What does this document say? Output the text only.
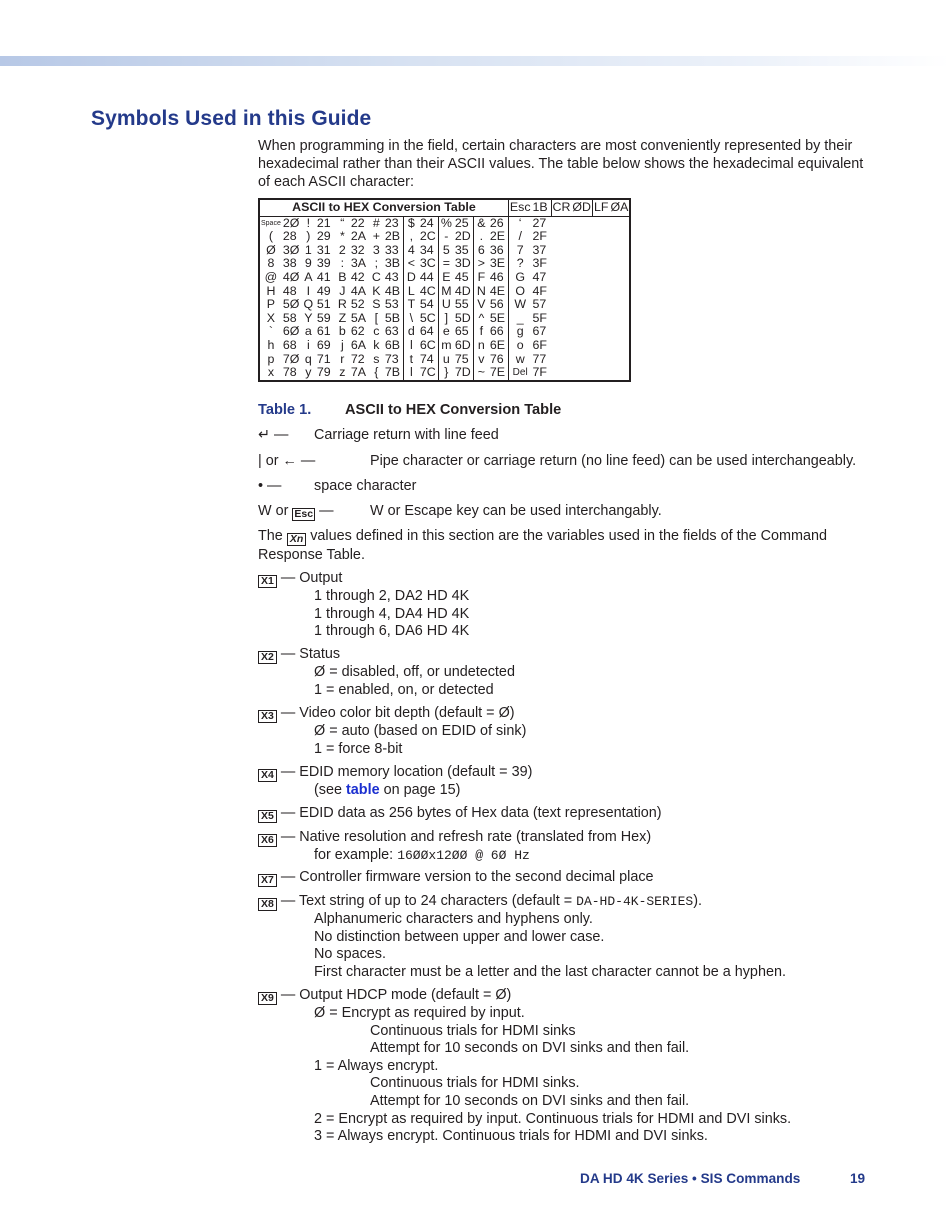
Symbols Used in this Guide
When programming in the field, certain characters are most conveniently represented by their hexadecimal rather than their ASCII values. The table below shows the hexadecimal equivalent of each ASCII character:
ASCII to HEX Conversion Table														Esc	1B	CR	ØD	LF	ØA
Space	2Ø	!	21	“	22	#	23	$	24	%	25	&	26	‘	27				
(	28	)	29	*	2A	+	2B	,	2C	-	2D	.	2E	/	2F				
Ø	3Ø	1	31	2	32	3	33	4	34	5	35	6	36	7	37				
8	38	9	39	:	3A	;	3B	<	3C	=	3D	>	3E	?	3F				
@	4Ø	A	41	B	42	C	43	D	44	E	45	F	46	G	47				
H	48	I	49	J	4A	K	4B	L	4C	M	4D	N	4E	O	4F				
P	5Ø	Q	51	R	52	S	53	T	54	U	55	V	56	W	57				
X	58	Y	59	Z	5A	[	5B	\	5C	]	5D	^	5E	_	5F				
`	6Ø	a	61	b	62	c	63	d	64	e	65	f	66	g	67				
h	68	i	69	j	6A	k	6B	l	6C	m	6D	n	6E	o	6F				
p	7Ø	q	71	r	72	s	73	t	74	u	75	v	76	w	77				
x	78	y	79	z	7A	{	7B	l	7C	}	7D	~	7E	Del	7F				
Table 1. ASCII to HEX Conversion Table
↵ — Carriage return with line feed
| or ← —	Pipe character or carriage return (no line feed) can be used interchangeably.
• — space character
W or Esc —	W or Escape key can be used interchangably.
The Xn values defined in this section are the variables used in the fields of the Command Response Table.
X1 — Output
1 through 2, DA2 HD 4K
1 through 4, DA4 HD 4K
1 through 6, DA6 HD 4K
X2 — Status
Ø = disabled, off, or undetected
1 = enabled, on, or detected
X3 — Video color bit depth (default = Ø)
Ø = auto (based on EDID of sink)
1 = force 8-bit
X4 — EDID memory location (default = 39)
(see table on page 15)
X5 — EDID data as 256 bytes of Hex data (text representation)
X6 — Native resolution and refresh rate (translated from Hex)
for example: 16ØØx12ØØ @ 6Ø Hz
X7 — Controller firmware version to the second decimal place
X8 — Text string of up to 24 characters (default = DA-HD-4K-SERIES).
Alphanumeric characters and hyphens only.
No distinction between upper and lower case.
No spaces.
First character must be a letter and the last character cannot be a hyphen.
X9 — Output HDCP mode (default = Ø)
Ø = Encrypt as required by input.
Continuous trials for HDMI sinks
Attempt for 10 seconds on DVI sinks and then fail.
1 = Always encrypt.
Continuous trials for HDMI sinks.
Attempt for 10 seconds on DVI sinks and then fail.
2 = Encrypt as required by input. Continuous trials for HDMI and DVI sinks.
3 = Always encrypt. Continuous trials for HDMI and DVI sinks.
DA HD 4K Series • SIS Commands	19
